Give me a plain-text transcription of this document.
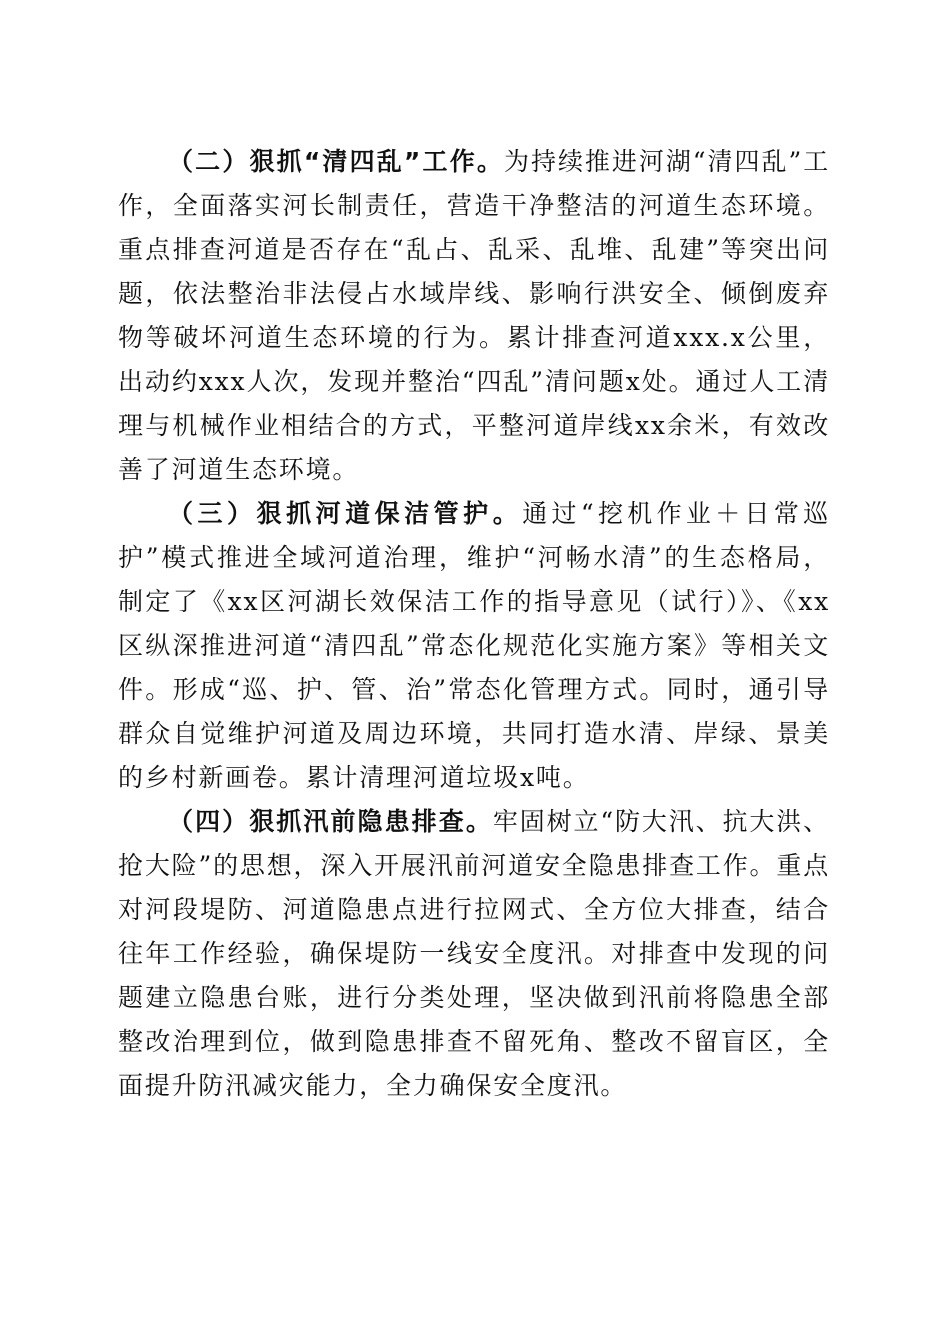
（二）狠抓“清四乱”工作。为持续推进河湖“清四乱”工作，全面落实河长制责任，营造干净整洁的河道生态环境。重点排查河道是否存在“乱占、乱采、乱堆、乱建”等突出问题，依法整治非法侵占水域岸线、影响行洪安全、倾倒废弃物等破坏河道生态环境的行为。累计排查河道xxx.x公里，出动约xxx人次，发现并整治“四乱”清问题x处。通过人工清理与机械作业相结合的方式，平整河道岸线xx余米，有效改善了河道生态环境。

（三）狠抓河道保洁管护。通过“挖机作业＋日常巡护”模式推进全域河道治理，维护“河畅水清”的生态格局，制定了《xx区河湖长效保洁工作的指导意见（试行）》、《xx区纵深推进河道“清四乱”常态化规范化实施方案》等相关文件。形成“巡、护、管、治”常态化管理方式。同时，通引导群众自觉维护河道及周边环境，共同打造水清、岸绿、景美的乡村新画卷。累计清理河道垃圾x吨。

（四）狠抓汛前隐患排查。牢固树立“防大汛、抗大洪、抢大险”的思想，深入开展汛前河道安全隐患排查工作。重点对河段堤防、河道隐患点进行拉网式、全方位大排查，结合往年工作经验，确保堤防一线安全度汛。对排查中发现的问题建立隐患台账，进行分类处理，坚决做到汛前将隐患全部整改治理到位，做到隐患排查不留死角、整改不留盲区，全面提升防汛减灾能力，全力确保安全度汛。
